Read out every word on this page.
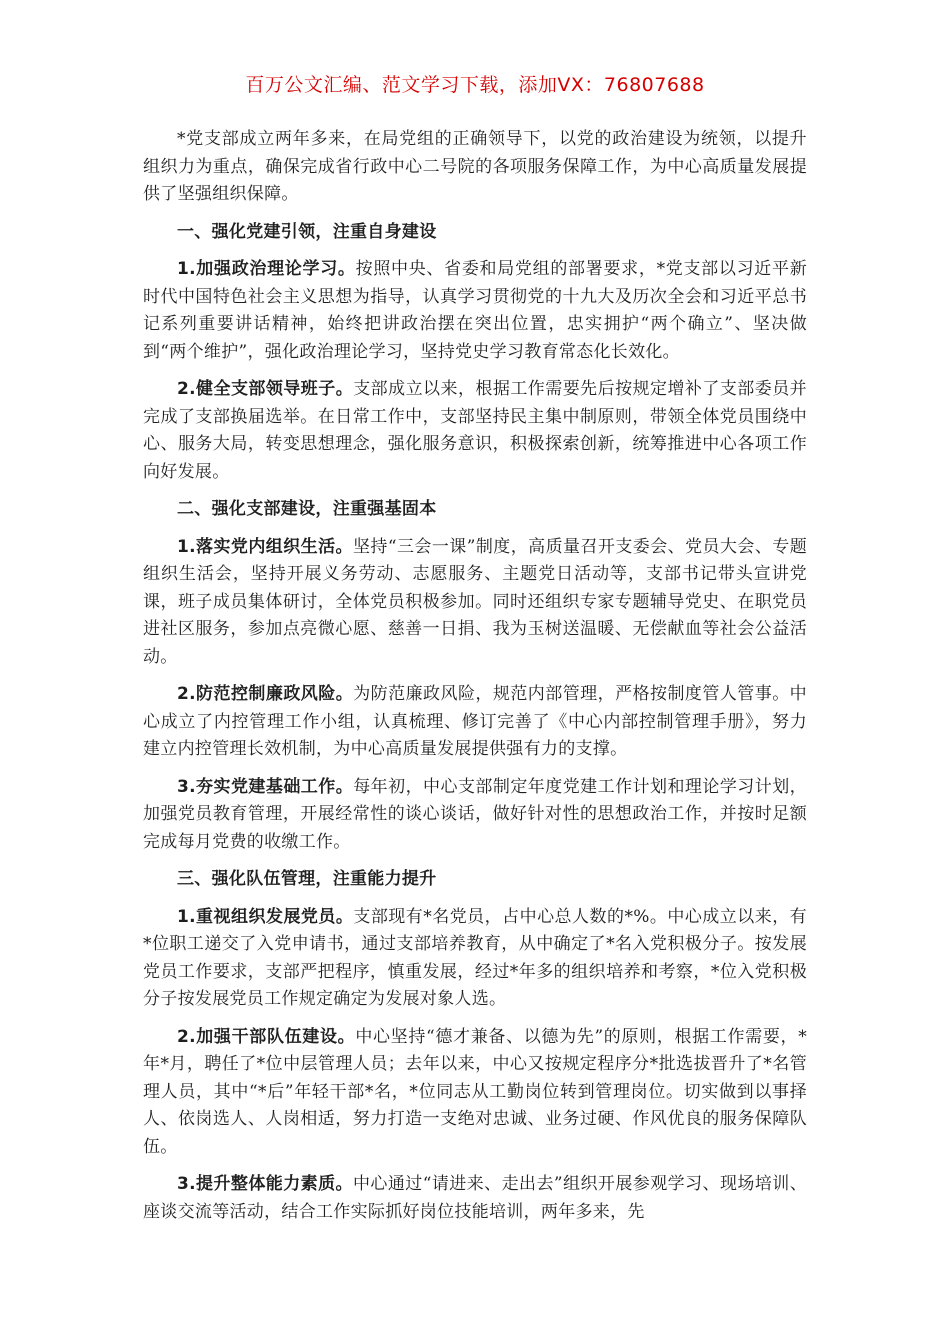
百万公文汇编、范文学习下载，添加VX：76807688

*党支部成立两年多来，在局党组的正确领导下，以党的政治建设为统领，以提升组织力为重点，确保完成省行政中心二号院的各项服务保障工作，为中心高质量发展提供了坚强组织保障。

一、强化党建引领，注重自身建设

1.加强政治理论学习。按照中央、省委和局党组的部署要求，*党支部以习近平新时代中国特色社会主义思想为指导，认真学习贯彻党的十九大及历次全会和习近平总书记系列重要讲话精神，始终把讲政治摆在突出位置，忠实拥护“两个确立”、坚决做到“两个维护”，强化政治理论学习，坚持党史学习教育常态化长效化。

2.健全支部领导班子。支部成立以来，根据工作需要先后按规定增补了支部委员并完成了支部换届选举。在日常工作中，支部坚持民主集中制原则，带领全体党员围绕中心、服务大局，转变思想理念，强化服务意识，积极探索创新，统筹推进中心各项工作向好发展。

二、强化支部建设，注重强基固本

1.落实党内组织生活。坚持“三会一课”制度，高质量召开支委会、党员大会、专题组织生活会，坚持开展义务劳动、志愿服务、主题党日活动等，支部书记带头宣讲党课，班子成员集体研讨，全体党员积极参加。同时还组织专家专题辅导党史、在职党员进社区服务，参加点亮微心愿、慈善一日捐、我为玉树送温暖、无偿献血等社会公益活动。

2.防范控制廉政风险。为防范廉政风险，规范内部管理，严格按制度管人管事。中心成立了内控管理工作小组，认真梳理、修订完善了《中心内部控制管理手册》，努力建立内控管理长效机制，为中心高质量发展提供强有力的支撑。

3.夯实党建基础工作。每年初，中心支部制定年度党建工作计划和理论学习计划，加强党员教育管理，开展经常性的谈心谈话，做好针对性的思想政治工作，并按时足额完成每月党费的收缴工作。

三、强化队伍管理，注重能力提升

1.重视组织发展党员。支部现有*名党员，占中心总人数的*%。中心成立以来，有*位职工递交了入党申请书，通过支部培养教育，从中确定了*名入党积极分子。按发展党员工作要求，支部严把程序，慎重发展，经过*年多的组织培养和考察，*位入党积极分子按发展党员工作规定确定为发展对象人选。

2.加强干部队伍建设。中心坚持“德才兼备、以德为先”的原则，根据工作需要，*年*月，聘任了*位中层管理人员；去年以来，中心又按规定程序分*批选拔晋升了*名管理人员，其中“*后”年轻干部*名，*位同志从工勤岗位转到管理岗位。切实做到以事择人、依岗选人、人岗相适，努力打造一支绝对忠诚、业务过硬、作风优良的服务保障队伍。

3.提升整体能力素质。中心通过“请进来、走出去”组织开展参观学习、现场培训、座谈交流等活动，结合工作实际抓好岗位技能培训，两年多来，先
